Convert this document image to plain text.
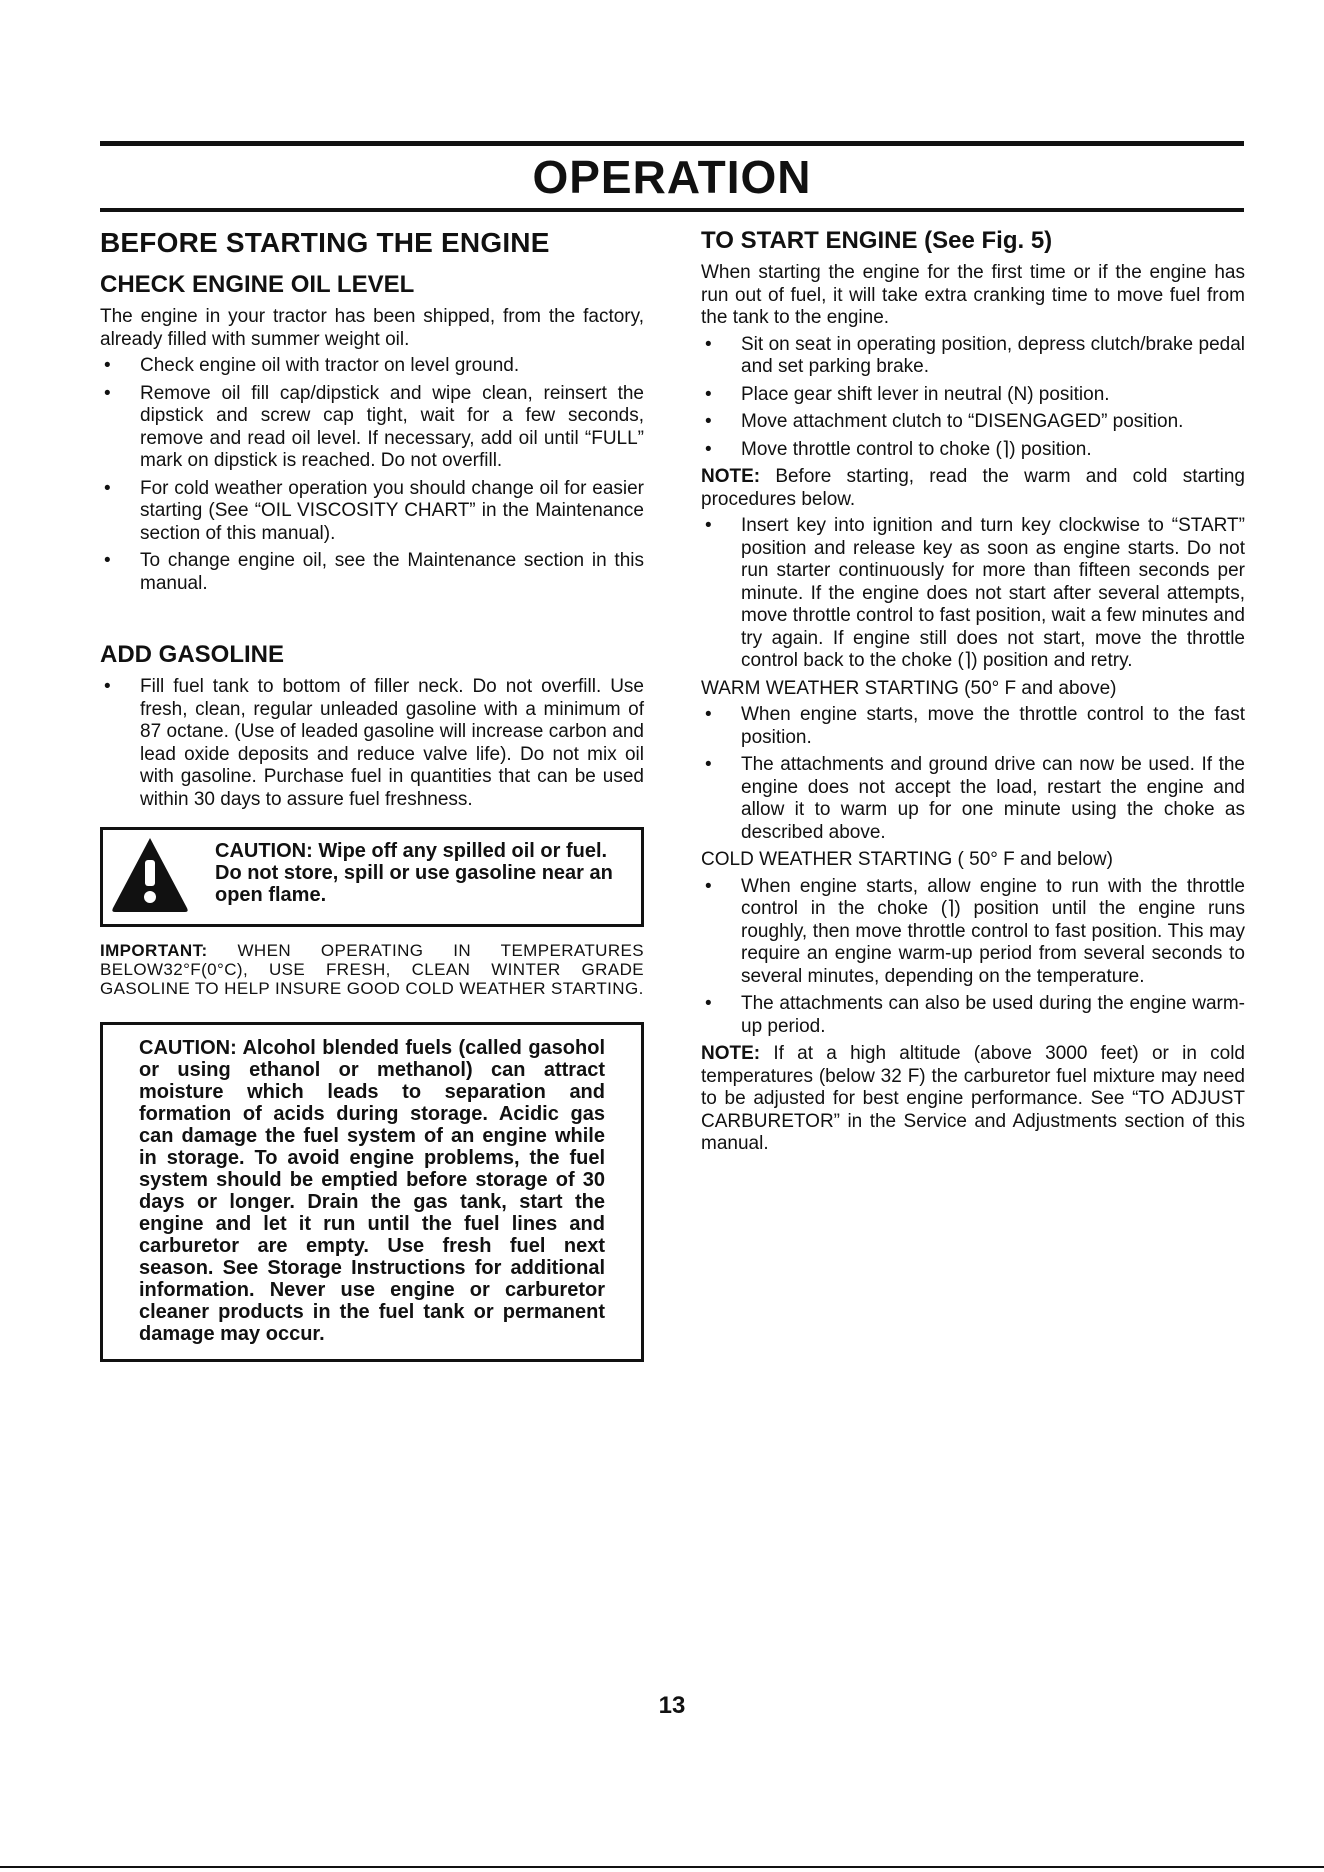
OPERATION
BEFORE STARTING THE ENGINE
CHECK ENGINE OIL LEVEL

The engine in your tractor has been shipped, from the factory, already filled with summer weight oil.

• Check engine oil with tractor on level ground.
• Remove oil fill cap/dipstick and wipe clean, reinsert the dipstick and screw cap tight, wait for a few seconds, remove and read oil level. If necessary, add oil until “FULL” mark on dipstick is reached. Do not overfill.
• For cold weather operation you should change oil for easier starting (See “OIL VISCOSITY CHART” in the Maintenance section of this manual).
• To change engine oil, see the Maintenance section in this manual.
ADD GASOLINE
• Fill fuel tank to bottom of filler neck. Do not overfill. Use fresh, clean, regular unleaded gasoline with a minimum of 87 octane. (Use of leaded gasoline will increase carbon and lead oxide deposits and reduce valve life). Do not mix oil with gasoline. Purchase fuel in quantities that can be used within 30 days to assure fuel freshness.
CAUTION: Wipe off any spilled oil or fuel. Do not store, spill or use gasoline near an open flame.

IMPORTANT: WHEN OPERATING IN TEMPERATURES BELOW32°F(0°C), USE FRESH, CLEAN WINTER GRADE GASOLINE TO HELP INSURE GOOD COLD WEATHER STARTING.

CAUTION: Alcohol blended fuels (called gasohol or using ethanol or methanol) can attract moisture which leads to separation and formation of acids during storage. Acidic gas can damage the fuel system of an engine while in storage. To avoid engine problems, the fuel system should be emptied before storage of 30 days or longer. Drain the gas tank, start the engine and let it run until the fuel lines and carburetor are empty. Use fresh fuel next season. See Storage Instructions for additional information. Never use engine or carburetor cleaner products in the fuel tank or permanent damage may occur.
TO START ENGINE (See Fig. 5)

When starting the engine for the first time or if the engine has run out of fuel, it will take extra cranking time to move fuel from the tank to the engine.

• Sit on seat in operating position, depress clutch/brake pedal and set parking brake.
• Place gear shift lever in neutral (N) position.
• Move attachment clutch to “DISENGAGED” position.
• Move throttle control to choke (⌉) position.

NOTE: Before starting, read the warm and cold starting procedures below.

• Insert key into ignition and turn key clockwise to “START” position and release key as soon as engine starts. Do not run starter continuously for more than fifteen seconds per minute. If the engine does not start after several attempts, move throttle control to fast position, wait a few minutes and try again. If engine still does not start, move the throttle control back to the choke (⌉) position and retry.

WARM WEATHER STARTING (50° F and above)

• When engine starts, move the throttle control to the fast position.
• The attachments and ground drive can now be used. If the engine does not accept the load, restart the engine and allow it to warm up for one minute using the choke as described above.

COLD WEATHER STARTING ( 50° F and below)

• When engine starts, allow engine to run with the throttle control in the choke (⌉) position until the engine runs roughly, then move throttle control to fast position. This may require an engine warm-up period from several seconds to several minutes, depending on the temperature.
• The attachments can also be used during the engine warm-up period.

NOTE: If at a high altitude (above 3000 feet) or in cold temperatures (below 32 F) the carburetor fuel mixture may need to be adjusted for best engine performance. See “TO ADJUST CARBURETOR” in the Service and Adjustments section of this manual.

13
